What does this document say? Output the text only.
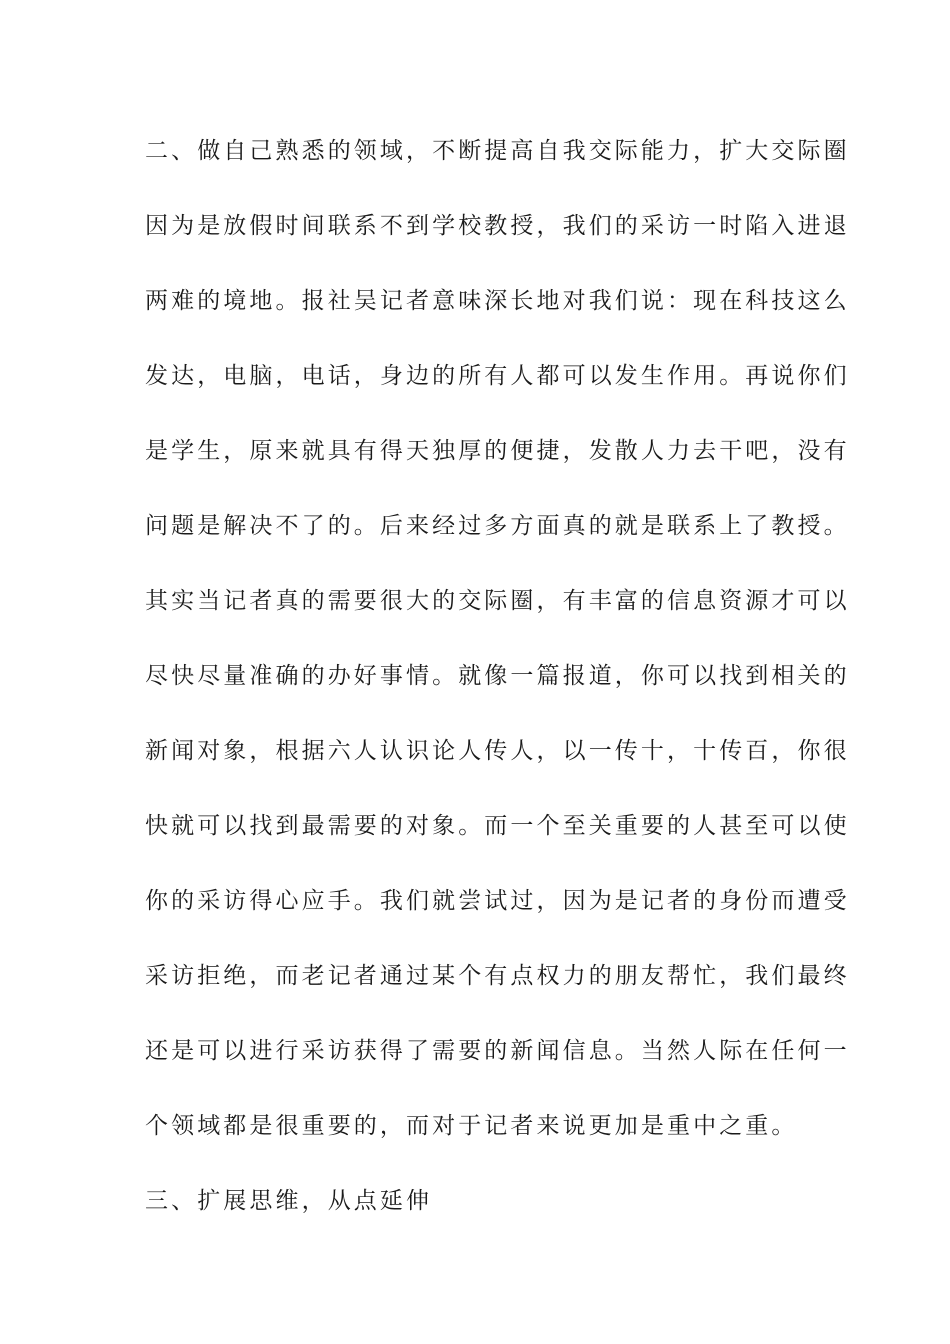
二、做自己熟悉的领域，不断提高自我交际能力，扩大交际圈
因为是放假时间联系不到学校教授，我们的采访一时陷入进退
两难的境地。报社吴记者意味深长地对我们说：现在科技这么
发达，电脑，电话，身边的所有人都可以发生作用。再说你们
是学生，原来就具有得天独厚的便捷，发散人力去干吧，没有
问题是解决不了的。后来经过多方面真的就是联系上了教授。
其实当记者真的需要很大的交际圈，有丰富的信息资源才可以
尽快尽量准确的办好事情。就像一篇报道，你可以找到相关的
新闻对象，根据六人认识论人传人，以一传十，十传百，你很
快就可以找到最需要的对象。而一个至关重要的人甚至可以使
你的采访得心应手。我们就尝试过，因为是记者的身份而遭受
采访拒绝，而老记者通过某个有点权力的朋友帮忙，我们最终
还是可以进行采访获得了需要的新闻信息。当然人际在任何一
个领域都是很重要的，而对于记者来说更加是重中之重。
三、扩展思维，从点延伸
